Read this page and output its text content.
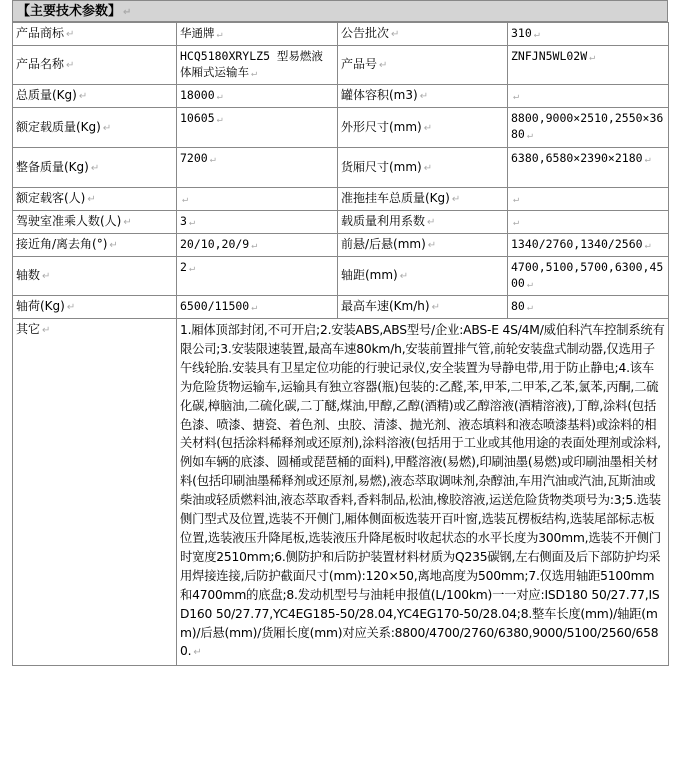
【主要技术参数】 ↵
产品商标 ↵	华通牌 ↵	公告批次 ↵	310 ↵
产品名称 ↵	HCQ5180XRYLZ5 型易燃液体厢式运输车 ↵	产品号 ↵	ZNFJN5WL02W ↵
总质量(Kg) ↵	18000 ↵	罐体容积(m3) ↵	↵
额定载质量(Kg) ↵	10605 ↵	外形尺寸(mm) ↵	8800,9000×2510,2550×3680 ↵
整备质量(Kg) ↵	7200 ↵	货厢尺寸(mm) ↵	6380,6580×2390×2180 ↵
额定载客(人) ↵	↵	准拖挂车总质量(Kg) ↵	↵
驾驶室准乘人数(人) ↵	3 ↵	载质量利用系数 ↵	↵
接近角/离去角(°) ↵	20/10,20/9 ↵	前悬/后悬(mm) ↵	1340/2760,1340/2560 ↵
轴数 ↵	2 ↵	轴距(mm) ↵	4700,5100,5700,6300,4500 ↵
轴荷(Kg) ↵	6500/11500 ↵	最高车速(Km/h) ↵	80 ↵
其它 ↵	1.厢体顶部封闭,不可开启;2.安装ABS,ABS型号/企业:ABS-E 4S/4M/威伯科汽车控制系统有限公司;3.安装限速装置,最高车速80km/h,安装前置排气管,前轮安装盘式制动器,仅选用子午线轮胎.安装具有卫星定位功能的行驶记录仪,安全装置为导静电带,用于防止静电;4.该车为危险货物运输车,运输具有独立容器(瓶)包装的:乙醛,苯,甲苯,二甲苯,乙苯,氯苯,丙酮,二硫化碳,樟脑油,二硫化碳,二丁醚,煤油,甲醇,乙醇(酒精)或乙醇溶液(酒精溶液),丁醇,涂料(包括色漆、喷漆、搪瓷、着色剂、虫胶、清漆、抛光剂、液态填料和液态喷漆基料)或涂料的相关材料(包括涂料稀释剂或还原剂),涂料溶液(包括用于工业或其他用途的表面处理剂或涂料,例如车辆的底漆、圆桶或琵琶桶的面料),甲醛溶液(易燃),印刷油墨(易燃)或印刷油墨相关材料(包括印刷油墨稀释剂或还原剂,易燃),液态萃取调味剂,杂醇油,车用汽油或汽油,瓦斯油或柴油或轻质燃料油,液态萃取香料,香料制品,松油,橡胶溶液,运送危险货物类项号为:3;5.选装侧门型式及位置,选装不开侧门,厢体侧面板选装开百叶窗,选装瓦楞板结构,选装尾部标志板位置,选装液压升降尾板,选装液压升降尾板时收起状态的水平长度为300mm,选装不开侧门时宽度2510mm;6.侧防护和后防护装置材料材质为Q235碳钢,左右侧面及后下部防护均采用焊接连接,后防护截面尺寸(mm):120×50,离地高度为500mm;7.仅选用轴距5100mm和4700mm的底盘;8.发动机型号与油耗申报值(L/100km)一一对应:ISD180 50/27.77,ISD160 50/27.77,YC4EG185-50/28.04,YC4EG170-50/28.04;8.整车长度(mm)/轴距(mm)/后悬(mm)/货厢长度(mm)对应关系:8800/4700/2760/6380,9000/5100/2560/6580. ↵		
